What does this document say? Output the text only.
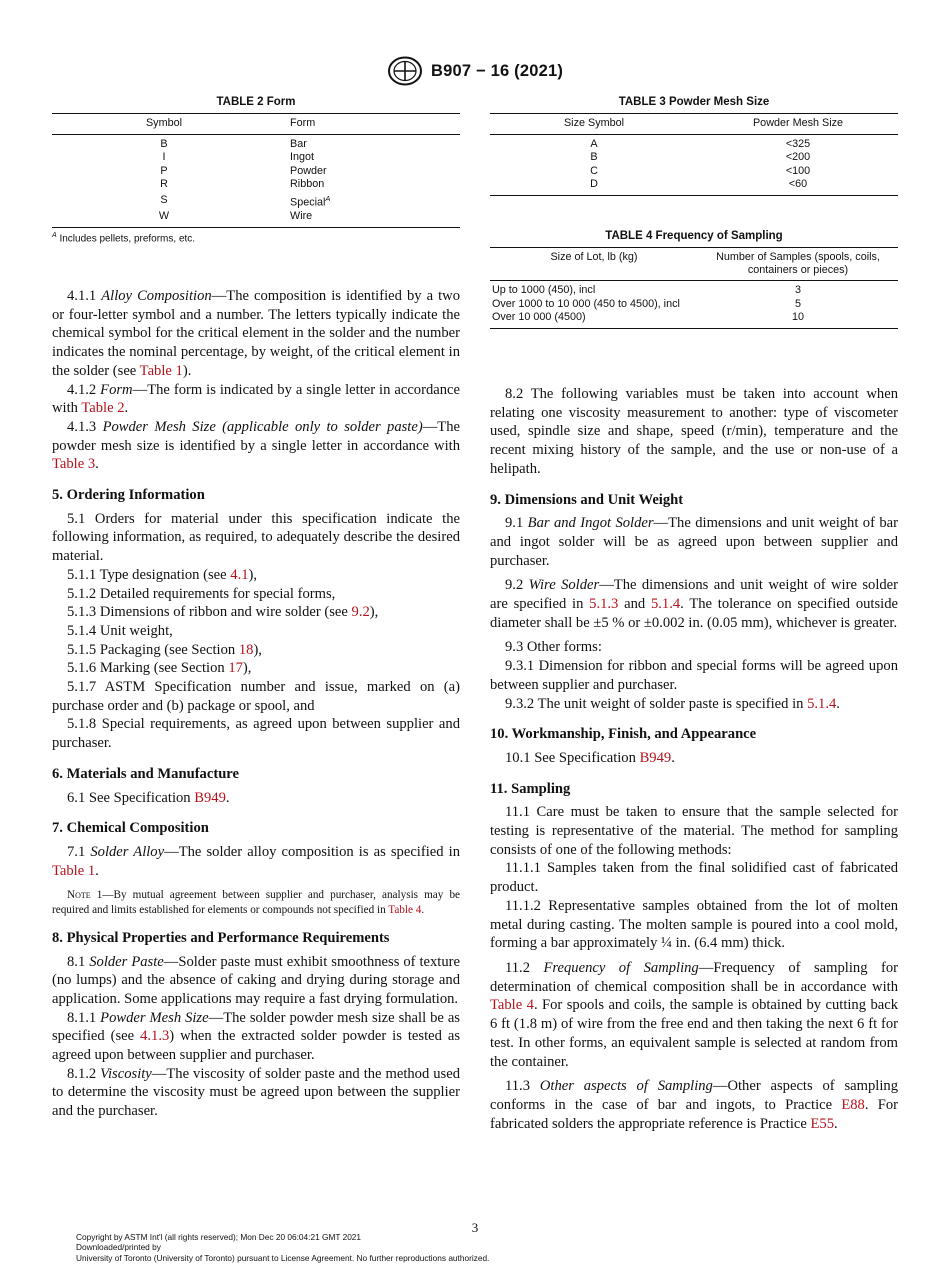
B907 − 16 (2021)
TABLE 2 Form
Symbol	Form
B	Bar
I	Ingot
P	Powder
R	Ribbon
S	Special$^A$
W	Wire
$^A$ Includes pellets, preforms, etc.
TABLE 3 Powder Mesh Size
Size Symbol	Powder Mesh Size
A	<325
B	<200
C	<100
D	<60
TABLE 4 Frequency of Sampling
Size of Lot, lb (kg)	Number of Samples (spools, coils, containers or pieces)
Up to 1000 (450), incl	3
Over 1000 to 10 000 (450 to 4500), incl	5
Over 10 000 (4500)	10

4.1.1 Alloy Composition—The composition is identified by a two or four-letter symbol and a number. The letters typically indicate the chemical symbol for the critical element in the solder and the number indicates the nominal percentage, by weight, of the critical element in the solder (see Table 1).

4.1.2 Form—The form is indicated by a single letter in accordance with Table 2.

4.1.3 Powder Mesh Size (applicable only to solder paste)—The powder mesh size is identified by a single letter in accordance with Table 3.

5. Ordering Information

5.1 Orders for material under this specification indicate the following information, as required, to adequately describe the desired material.

5.1.1 Type designation (see 4.1),

5.1.2 Detailed requirements for special forms,

5.1.3 Dimensions of ribbon and wire solder (see 9.2),

5.1.4 Unit weight,

5.1.5 Packaging (see Section 18),

5.1.6 Marking (see Section 17),

5.1.7 ASTM Specification number and issue, marked on (a) purchase order and (b) package or spool, and

5.1.8 Special requirements, as agreed upon between supplier and purchaser.

6. Materials and Manufacture

6.1 See Specification B949.

7. Chemical Composition

7.1 Solder Alloy—The solder alloy composition is as specified in Table 1.

Note 1—By mutual agreement between supplier and purchaser, analysis may be required and limits established for elements or compounds not specified in Table 4.

8. Physical Properties and Performance Requirements

8.1 Solder Paste—Solder paste must exhibit smoothness of texture (no lumps) and the absence of caking and drying during storage and application. Some applications may require a fast drying formulation.

8.1.1 Powder Mesh Size—The solder powder mesh size shall be as specified (see 4.1.3) when the extracted solder powder is tested as agreed upon between supplier and purchaser.

8.1.2 Viscosity—The viscosity of solder paste and the method used to determine the viscosity must be agreed upon between the supplier and the purchaser.

8.2 The following variables must be taken into account when relating one viscosity measurement to another: type of viscometer used, spindle size and shape, speed (r/min), temperature and the recent mixing history of the sample, and the use or non-use of a helipath.

9. Dimensions and Unit Weight

9.1 Bar and Ingot Solder—The dimensions and unit weight of bar and ingot solder will be as agreed upon between supplier and purchaser.

9.2 Wire Solder—The dimensions and unit weight of wire solder are specified in 5.1.3 and 5.1.4. The tolerance on specified outside diameter shall be ±5 % or ±0.002 in. (0.05 mm), whichever is greater.

9.3 Other forms:

9.3.1 Dimension for ribbon and special forms will be agreed upon between supplier and purchaser.

9.3.2 The unit weight of solder paste is specified in 5.1.4.

10. Workmanship, Finish, and Appearance

10.1 See Specification B949.

11. Sampling

11.1 Care must be taken to ensure that the sample selected for testing is representative of the material. The method for sampling consists of one of the following methods:

11.1.1 Samples taken from the final solidified cast of fabricated product.

11.1.2 Representative samples obtained from the lot of molten metal during casting. The molten sample is poured into a cool mold, forming a bar approximately ¼ in. (6.4 mm) thick.

11.2 Frequency of Sampling—Frequency of sampling for determination of chemical composition shall be in accordance with Table 4. For spools and coils, the sample is obtained by cutting back 6 ft (1.8 m) of wire from the free end and then taking the next 6 ft for test. In other forms, an equivalent sample is selected at random from the container.

11.3 Other aspects of Sampling—Other aspects of sampling conforms in the case of bar and ingots, to Practice E88. For fabricated solders the appropriate reference is Practice E55.

3
Copyright by ASTM Int'l (all rights reserved); Mon Dec 20 06:04:21 GMT 2021
Downloaded/printed by
University of Toronto (University of Toronto) pursuant to License Agreement. No further reproductions authorized.
